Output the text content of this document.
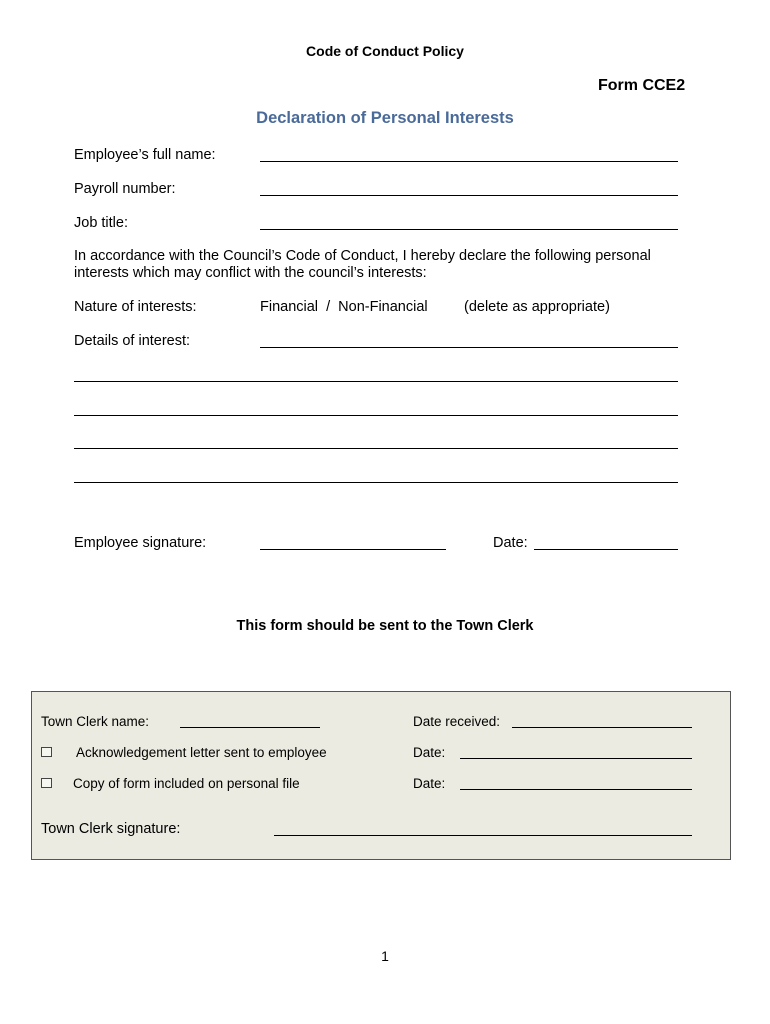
Code of Conduct Policy
Form CCE2
Declaration of Personal Interests
Employee’s full name:
Payroll number:
Job title:
In accordance with the Council’s Code of Conduct, I hereby declare the following personal interests which may conflict with the council’s interests:
Nature of interests:	Financial  /  Non-Financial	(delete as appropriate)
Details of interest:
Employee signature:	Date:
This form should be sent to the Town Clerk
Town Clerk name:	Date received:
Acknowledgement letter sent to employee	Date:
Copy of form included on personal file	Date:
Town Clerk signature:
1
